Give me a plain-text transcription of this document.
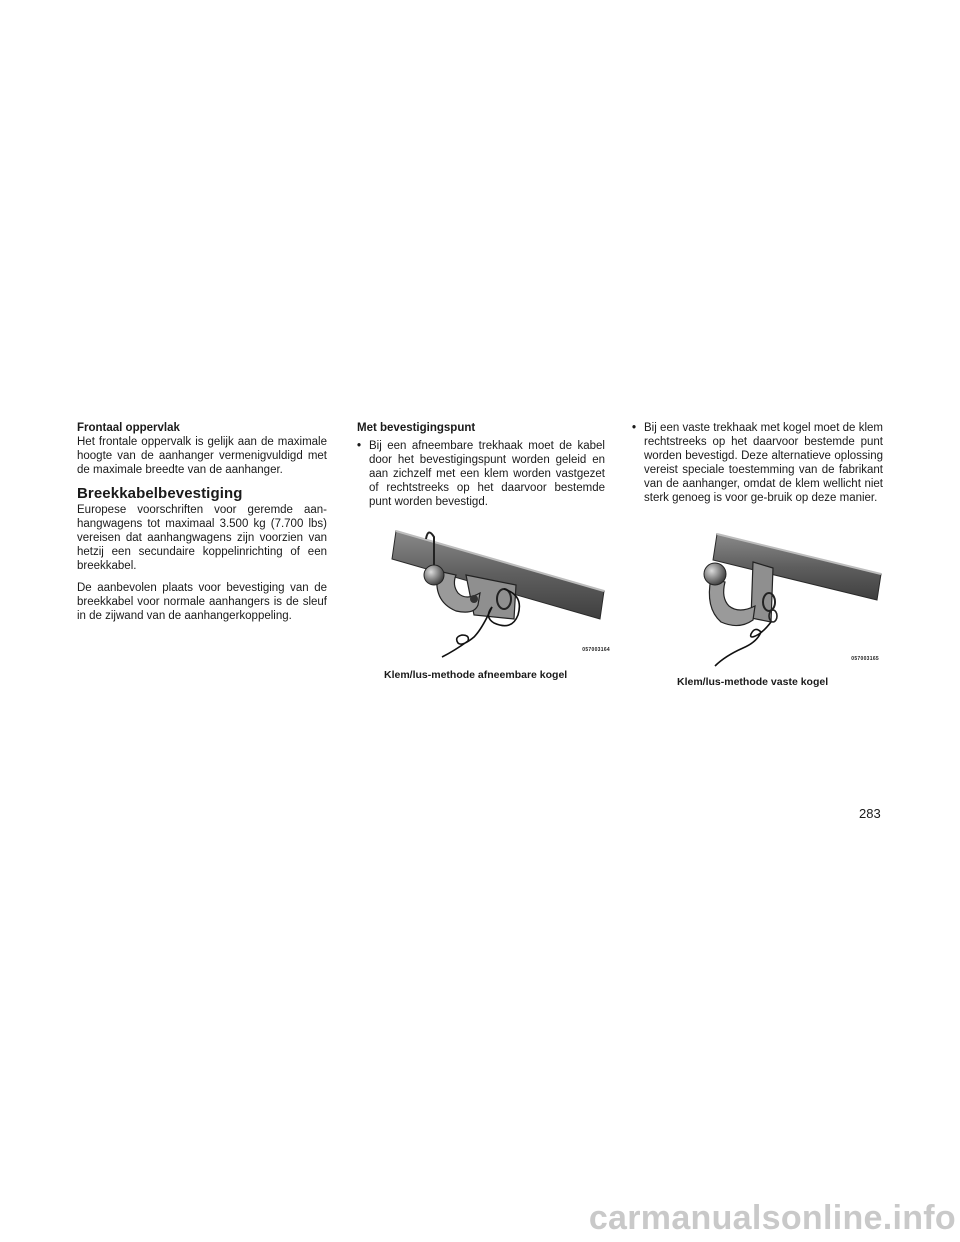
Frontaal oppervlak

Het frontale oppervalk is gelijk aan de maximale hoogte van de aanhanger vermenigvuldigd met de maximale breedte van de aanhanger.

Breekkabelbevestiging

Europese voorschriften voor geremde aan-hangwagens tot maximaal 3.500 kg (7.700 lbs) vereisen dat aanhangwagens zijn voorzien van hetzij een secundaire koppelinrichting of een breekkabel.

De aanbevolen plaats voor bevestiging van de breekkabel voor normale aanhangers is de sleuf in de zijwand van de aanhangerkoppeling.

Met bevestigingspunt

• Bij een afneembare trekhaak moet de kabel door het bevestigingspunt worden geleid en aan zichzelf met een klem worden vastgezet of rechtstreeks op het daarvoor bestemde punt worden bevestigd.
• Bij een vaste trekhaak met kogel moet de klem rechtstreeks op het daarvoor bestemde punt worden bevestigd. Deze alternatieve oplossing vereist speciale toestemming van de fabrikant van de aanhanger, omdat de klem wellicht niet sterk genoeg is voor ge-bruik op deze manier.
057003164
Klem/lus-methode afneembare kogel
057003165
Klem/lus-methode vaste kogel
283
carmanualsonline.info
